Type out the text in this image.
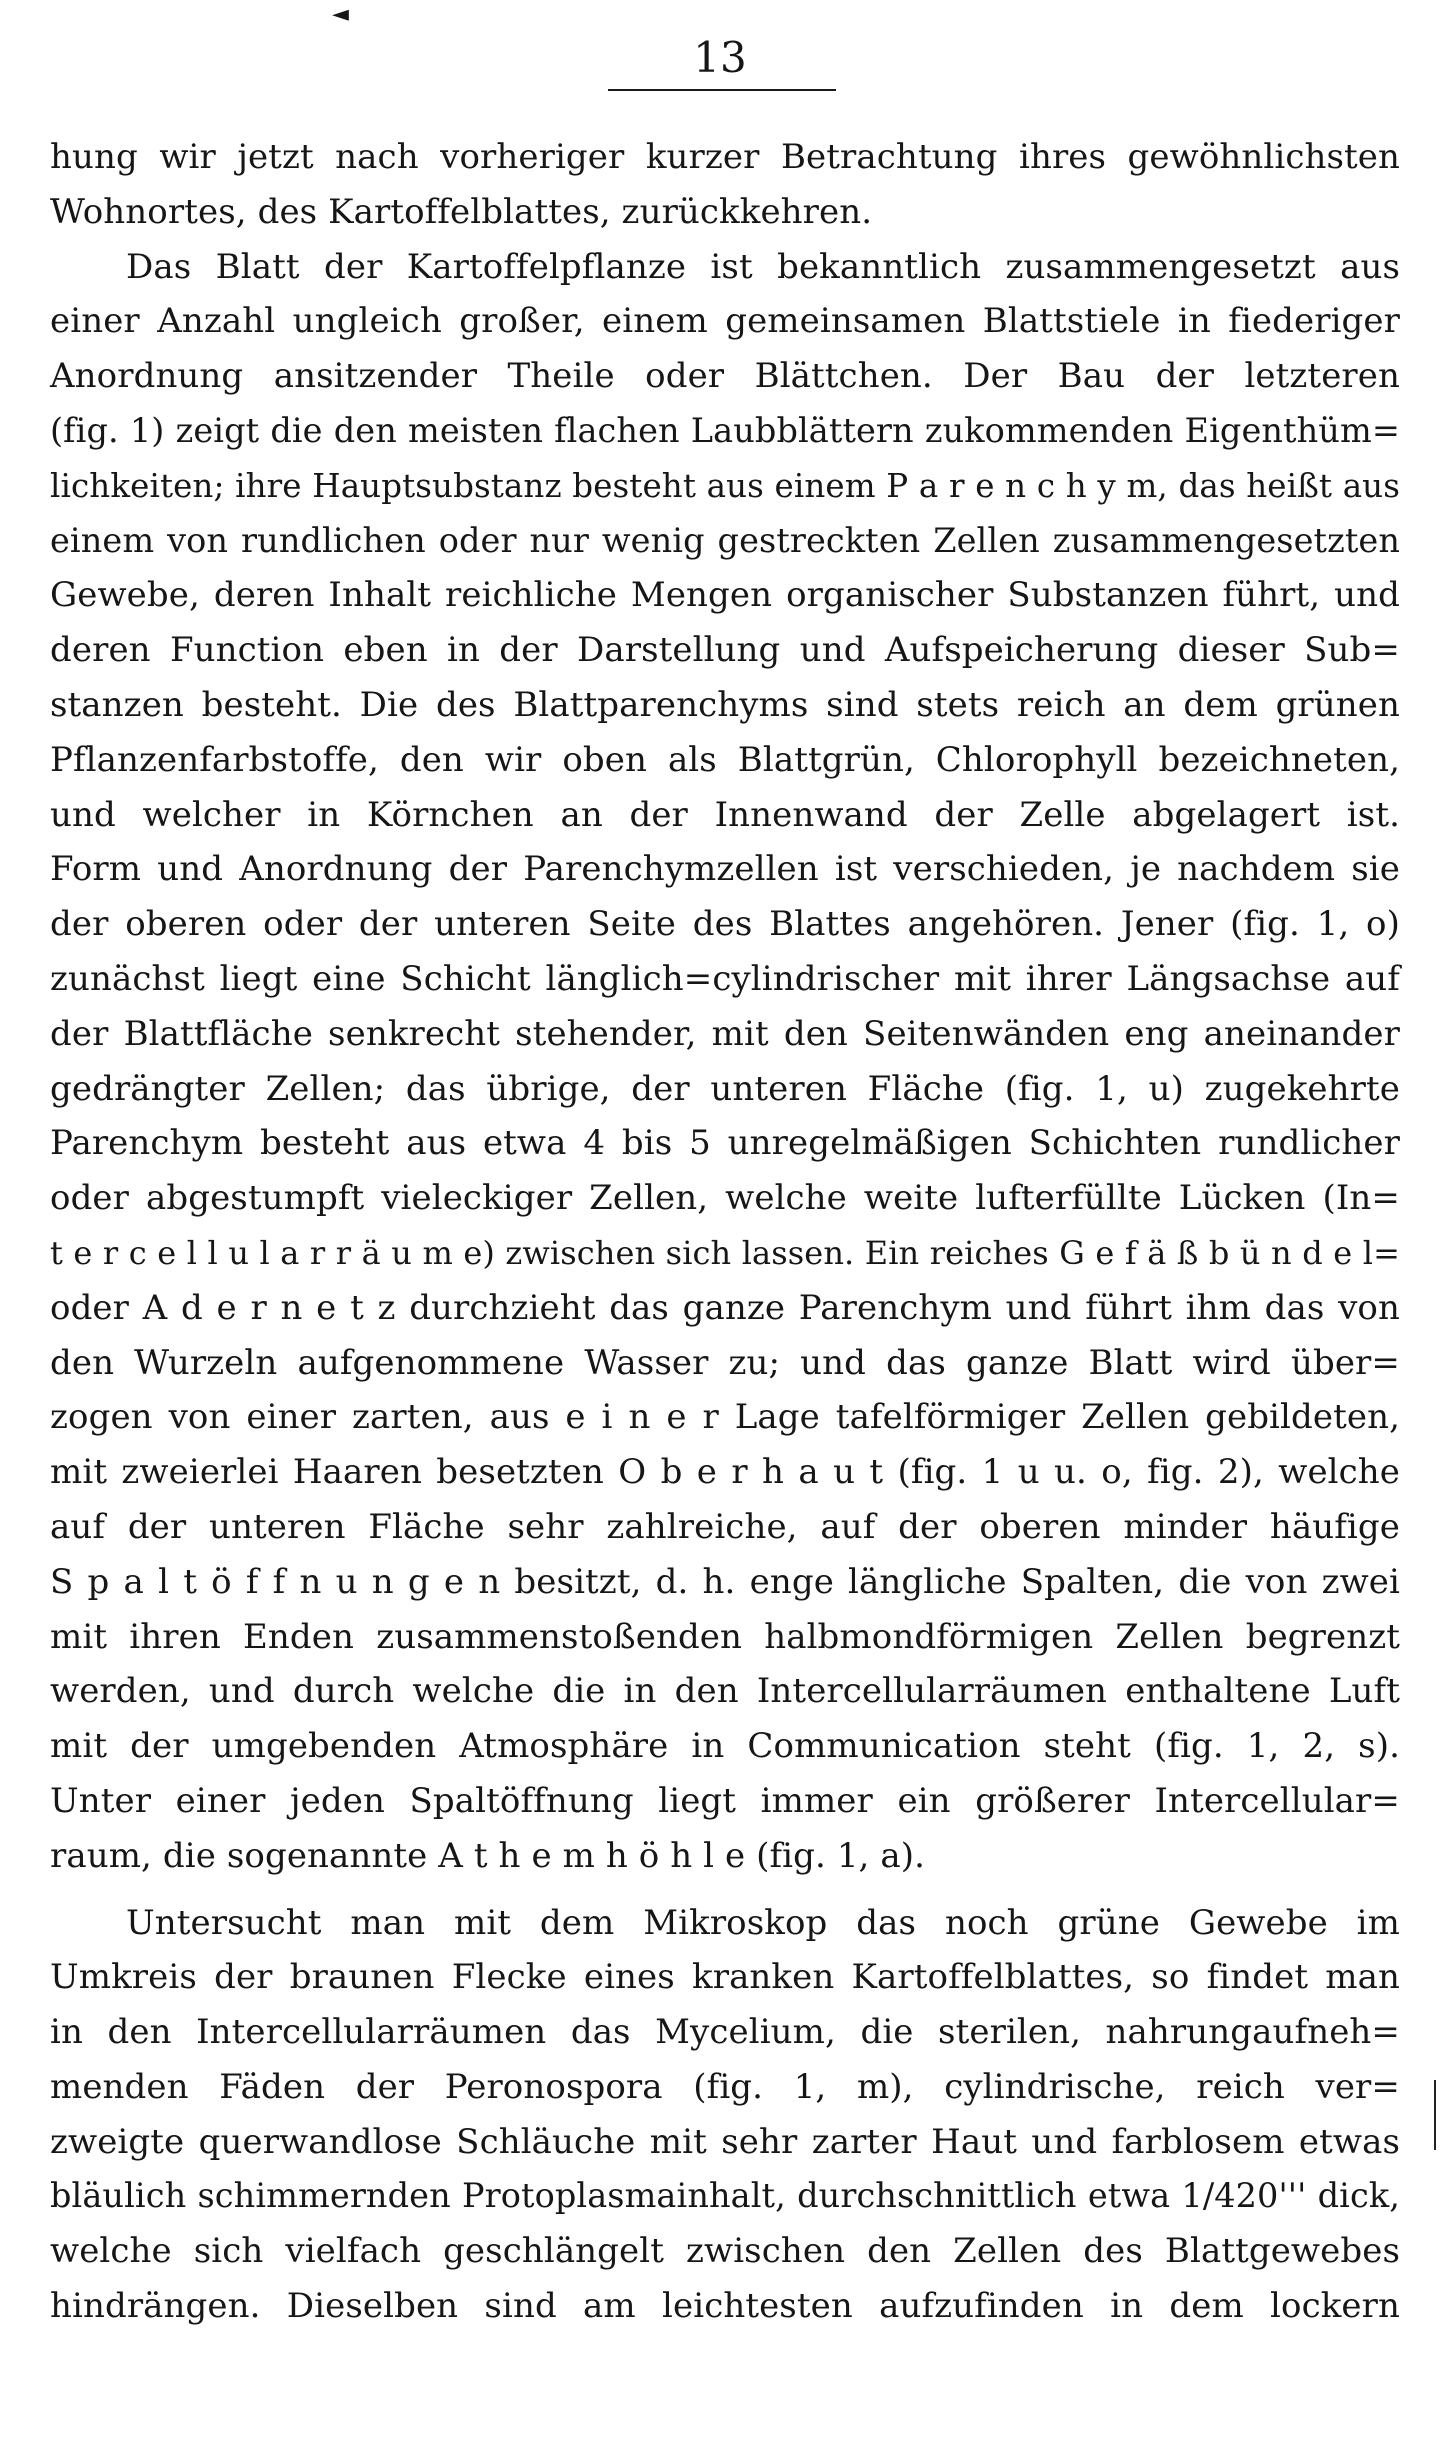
◄
13
hung wir jetzt nach vorheriger kurzer Betrachtung ihres gewöhnlichsten
Wohnortes, des Kartoffelblattes, zurückkehren.
Das Blatt der Kartoffelpflanze ist bekanntlich zusammengesetzt aus
einer Anzahl ungleich großer, einem gemeinsamen Blattstiele in fiederiger
Anordnung ansitzender Theile oder Blättchen. Der Bau der letzteren
(fig. 1) zeigt die den meisten flachen Laubblättern zukommenden Eigenthüm=
lichkeiten; ihre Hauptsubstanz besteht aus einem P a r e n c h y m, das heißt aus
einem von rundlichen oder nur wenig gestreckten Zellen zusammengesetzten
Gewebe, deren Inhalt reichliche Mengen organischer Substanzen führt, und
deren Function eben in der Darstellung und Aufspeicherung dieser Sub=
stanzen besteht. Die des Blattparenchyms sind stets reich an dem grünen
Pflanzenfarbstoffe, den wir oben als Blattgrün, Chlorophyll bezeichneten,
und welcher in Körnchen an der Innenwand der Zelle abgelagert ist.
Form und Anordnung der Parenchymzellen ist verschieden, je nachdem sie
der oberen oder der unteren Seite des Blattes angehören. Jener (fig. 1, o)
zunächst liegt eine Schicht länglich=cylindrischer mit ihrer Längsachse auf
der Blattfläche senkrecht stehender, mit den Seitenwänden eng aneinander
gedrängter Zellen; das übrige, der unteren Fläche (fig. 1, u) zugekehrte
Parenchym besteht aus etwa 4 bis 5 unregelmäßigen Schichten rundlicher
oder abgestumpft vieleckiger Zellen, welche weite lufterfüllte Lücken (In=
t e r c e l l u l a r r ä u m e) zwischen sich lassen. Ein reiches G e f ä ß b ü n d e l=
oder A d e r n e t z durchzieht das ganze Parenchym und führt ihm das von
den Wurzeln aufgenommene Wasser zu; und das ganze Blatt wird über=
zogen von einer zarten, aus e i n e r Lage tafelförmiger Zellen gebildeten,
mit zweierlei Haaren besetzten O b e r h a u t (fig. 1 u u. o, fig. 2), welche
auf der unteren Fläche sehr zahlreiche, auf der oberen minder häufige
S p a l t ö f f n u n g e n besitzt, d. h. enge längliche Spalten, die von zwei
mit ihren Enden zusammenstoßenden halbmondförmigen Zellen begrenzt
werden, und durch welche die in den Intercellularräumen enthaltene Luft
mit der umgebenden Atmosphäre in Communication steht (fig. 1, 2, s).
Unter einer jeden Spaltöffnung liegt immer ein größerer Intercellular=
raum, die sogenannte A t h e m h ö h l e (fig. 1, a).
Untersucht man mit dem Mikroskop das noch grüne Gewebe im
Umkreis der braunen Flecke eines kranken Kartoffelblattes, so findet man
in den Intercellularräumen das Mycelium, die sterilen, nahrungaufneh=
menden Fäden der Peronospora (fig. 1, m), cylindrische, reich ver=
zweigte querwandlose Schläuche mit sehr zarter Haut und farblosem etwas
bläulich schimmernden Protoplasmainhalt, durchschnittlich etwa 1/420''' dick,
welche sich vielfach geschlängelt zwischen den Zellen des Blattgewebes
hindrängen. Dieselben sind am leichtesten aufzufinden in dem lockern
